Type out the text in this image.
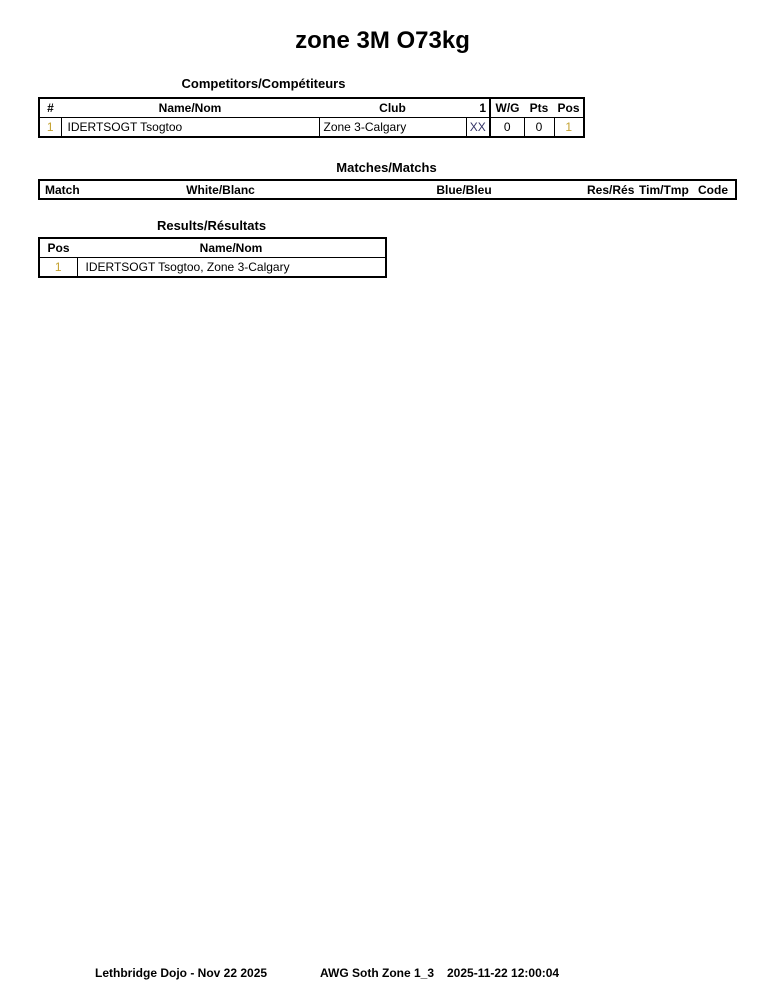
zone 3M O73kg
Competitors/Compétiteurs
#	Name/Nom	Club	1	W/G	Pts	Pos
1	IDERTSOGT Tsogtoo	Zone 3-Calgary	XX	0	0	1
Matches/Matchs
Match	White/Blanc	Blue/Bleu	Res/Rés	Tim/Tmp	Code
Results/Résultats
Pos	Name/Nom
1	IDERTSOGT Tsogtoo, Zone 3-Calgary
Lethbridge Dojo - Nov 22 2025	AWG Soth Zone 1_3 2025-11-22 12:00:04
